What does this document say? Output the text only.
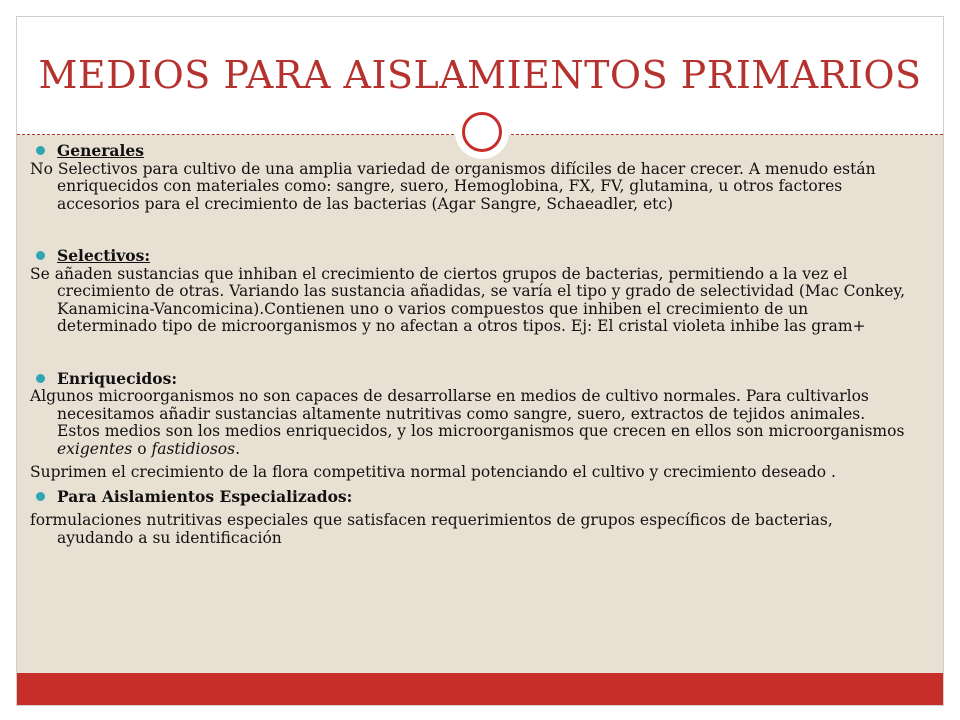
MEDIOS PARA AISLAMIENTOS PRIMARIOS

Generales

No Selectivos para cultivo de una amplia variedad de organismos difíciles de hacer crecer. A menudo están enriquecidos con materiales como: sangre, suero, Hemoglobina, FX, FV, glutamina, u otros factores accesorios para el crecimiento de las bacterias (Agar Sangre, Schaeadler, etc)

Selectivos:

Se añaden sustancias que inhiban el crecimiento de ciertos grupos de bacterias, permitiendo a la vez el crecimiento de otras. Variando las sustancia añadidas, se varía el tipo y grado de selectividad (Mac Conkey, Kanamicina-Vancomicina).Contienen uno o varios compuestos que inhiben el crecimiento de un determinado tipo de microorganismos y no afectan a otros tipos. Ej: El cristal violeta inhibe las gram+

Enriquecidos:

Algunos microorganismos no son capaces de desarrollarse en medios de cultivo normales. Para cultivarlos necesitamos añadir sustancias altamente nutritivas como sangre, suero, extractos de tejidos animales. Estos medios son los medios enriquecidos, y los microorganismos que crecen en ellos son microorganismos exigentes o fastidiosos.

Suprimen el crecimiento de la flora competitiva normal potenciando el cultivo y crecimiento deseado .

Para Aislamientos Especializados:

formulaciones nutritivas especiales que satisfacen requerimientos de grupos específicos de bacterias, ayudando a su identificación
